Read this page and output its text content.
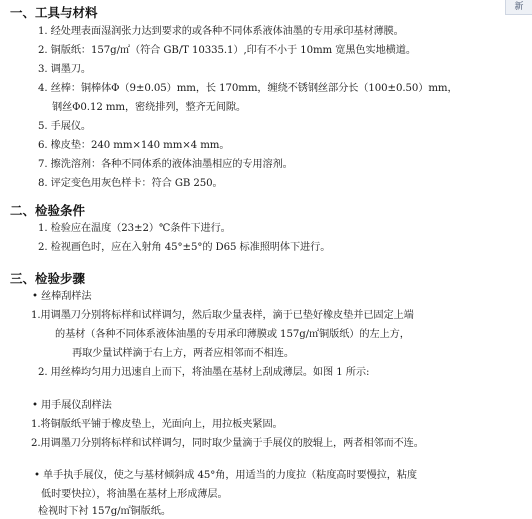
新
一、工具与材料
1. 经处理表面湿润张力达到要求的或各种不同体系液体油墨的专用承印基材薄膜。
2. 铜版纸：157g/㎡（符合 GB/T 10335.1）,印有不小于 10mm 宽黑色实地横道。
3. 调墨刀。
4. 丝棒：铜棒体Φ（9±0.05）mm，长 170mm，缠绕不锈钢丝部分长（100±0.50）mm，
钢丝Φ0.12 mm，密绕排列，整齐无间隙。
5. 手展仪。
6. 橡皮垫：240 mm×140 mm×4 mm。
7. 擦洗溶剂：各种不同体系的液体油墨相应的专用溶剂。
8. 评定变色用灰色样卡：符合 GB 250。
二、检验条件
1. 检验应在温度（23±2）℃条件下进行。
2. 检视画色时，应在入射角 45°±5°的 D65 标准照明体下进行。
三、检验步骤
• 丝棒刮样法
1.用调墨刀分别将标样和试样调匀，然后取少量表样，滴于已垫好橡皮垫并已固定上端
的基材（各种不同体系液体油墨的专用承印薄膜或 157g/㎡铜版纸）的左上方，
再取少量试样滴于右上方，两者应相邻而不相连。
2. 用丝棒均匀用力迅速自上而下，将油墨在基材上刮成薄层。如图 1 所示:
• 用手展仪刮样法
1.将铜版纸平铺于橡皮垫上，光面向上，用拉板夹紧固。
2.用调墨刀分别将标样和试样调匀，同时取少量滴于手展仪的胶辊上，两者相邻而不连。
• 单手执手展仪，使之与基材倾斜成 45°角，用适当的力度拉（粘度高时要慢拉，粘度
低时要快拉），将油墨在基材上形成薄层。
检视时下衬 157g/㎡铜版纸。
